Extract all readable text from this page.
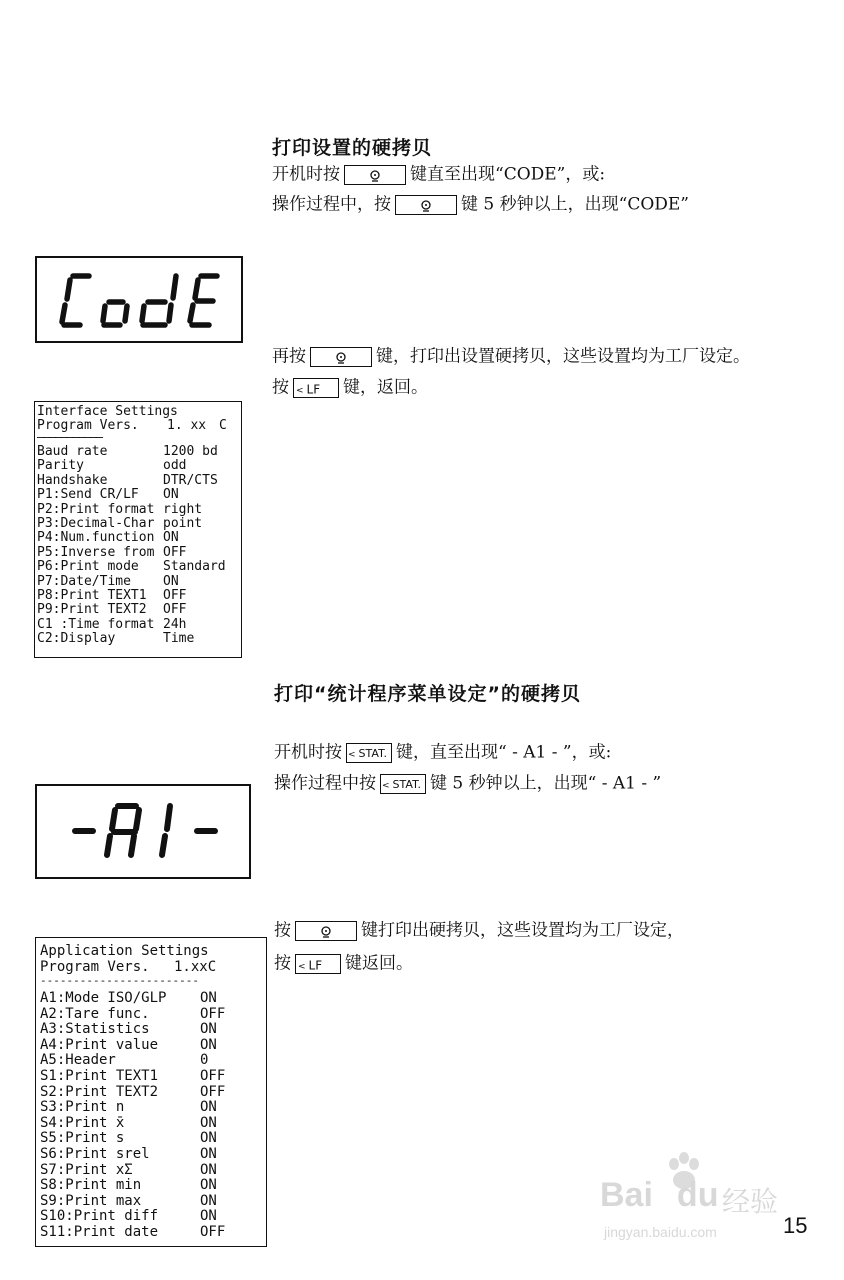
打印设置的硬拷贝
开机时按	键直至出现“CODE”，或:
操作过程中，按	键 5 秒钟以上，出现“CODE”
再按	键，打印出设置硬拷贝，这些设置均为工厂设定。
按 < LF 键，返回。
Interface Settings
Program Vers. 1. xx C
———————————
Baud rate	1200 bd
Parity	odd
Handshake	DTR/CTS
P1:Send CR/LF ON
P2:Print format right
P3:Decimal-Char point
P4:Num.function ON
P5:Inverse from OFF
P6:Print mode Standard
P7:Date/Time ON
P8:Print TEXT1 OFF
P9:Print TEXT2 OFF
C1 :Time format 24h
C2:Display	Time
打印“统计程序菜单设定”的硬拷贝
开机时按 < STAT. 键，直至出现“ - A1 - ”，或:
操作过程中按 < STAT. 键 5 秒钟以上，出现“ - A1 - ”
按	键打印出硬拷贝，这些设置均为工厂设定，
按 < LF 键返回。
Application Settings
Program Vers. 1.xxC
------------------------
A1:Mode ISO/GLP ON
A2:Tare func.	OFF
A3:Statistics	ON
A4:Print value	ON
A5:Header	0
S1:Print TEXT1	OFF
S2:Print TEXT2	OFF
S3:Print n	ON
S4:Print x̄	ON
S5:Print s	ON
S6:Print srel	ON
S7:Print xΣ	ON
S8:Print min	ON
S9:Print max	ON
S10:Print diff	ON
S11:Print date	OFF
Bai du 经验
jingyan.baidu.com	15
